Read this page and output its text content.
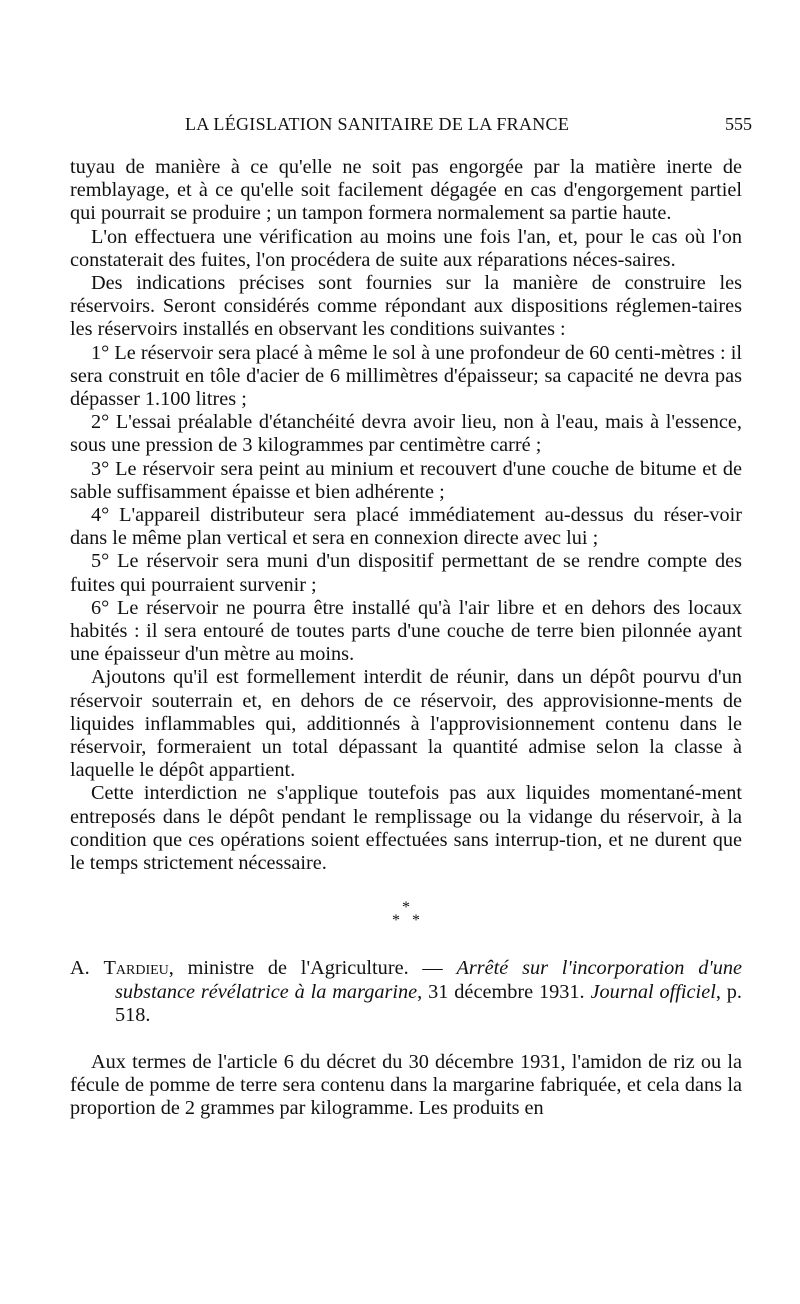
LA LÉGISLATION SANITAIRE DE LA FRANCE	555

tuyau de manière à ce qu'elle ne soit pas engorgée par la matière inerte de remblayage, et à ce qu'elle soit facilement dégagée en cas d'engorgement partiel qui pourrait se produire ; un tampon formera normalement sa partie haute.

L'on effectuera une vérification au moins une fois l'an, et, pour le cas où l'on constaterait des fuites, l'on procédera de suite aux réparations néces-saires.

Des indications précises sont fournies sur la manière de construire les réservoirs. Seront considérés comme répondant aux dispositions réglemen-taires les réservoirs installés en observant les conditions suivantes :

1° Le réservoir sera placé à même le sol à une profondeur de 60 centi-mètres : il sera construit en tôle d'acier de 6 millimètres d'épaisseur; sa capacité ne devra pas dépasser 1.100 litres ;

2° L'essai préalable d'étanchéité devra avoir lieu, non à l'eau, mais à l'essence, sous une pression de 3 kilogrammes par centimètre carré ;

3° Le réservoir sera peint au minium et recouvert d'une couche de bitume et de sable suffisamment épaisse et bien adhérente ;

4° L'appareil distributeur sera placé immédiatement au-dessus du réser-voir dans le même plan vertical et sera en connexion directe avec lui ;

5° Le réservoir sera muni d'un dispositif permettant de se rendre compte des fuites qui pourraient survenir ;

6° Le réservoir ne pourra être installé qu'à l'air libre et en dehors des locaux habités : il sera entouré de toutes parts d'une couche de terre bien pilonnée ayant une épaisseur d'un mètre au moins.

Ajoutons qu'il est formellement interdit de réunir, dans un dépôt pourvu d'un réservoir souterrain et, en dehors de ce réservoir, des approvisionne-ments de liquides inflammables qui, additionnés à l'approvisionnement contenu dans le réservoir, formeraient un total dépassant la quantité admise selon la classe à laquelle le dépôt appartient.

Cette interdiction ne s'applique toutefois pas aux liquides momentané-ment entreposés dans le dépôt pendant le remplissage ou la vidange du réservoir, à la condition que ces opérations soient effectuées sans interrup-tion, et ne durent que le temps strictement nécessaire.

*
*   *

A. Tardieu, ministre de l'Agriculture. — Arrêté sur l'incorporation d'une substance révélatrice à la margarine, 31 décembre 1931. Journal officiel, p. 518.

Aux termes de l'article 6 du décret du 30 décembre 1931, l'amidon de riz ou la fécule de pomme de terre sera contenu dans la margarine fabriquée, et cela dans la proportion de 2 grammes par kilogramme. Les produits en
